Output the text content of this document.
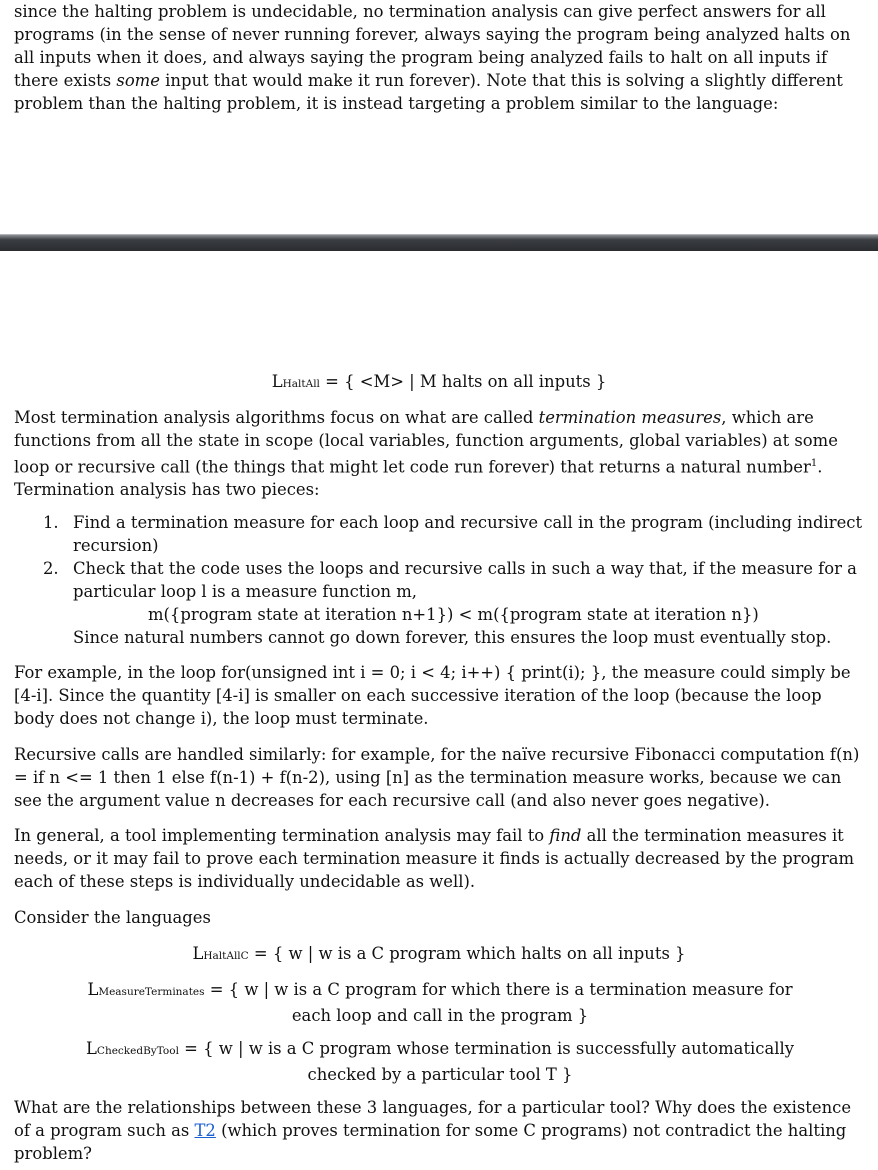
since the halting problem is undecidable, no termination analysis can give perfect answers for all programs (in the sense of never running forever, always saying the program being analyzed halts on all inputs when it does, and always saying the program being analyzed fails to halt on all inputs if there exists some input that would make it run forever). Note that this is solving a slightly different problem than the halting problem, it is instead targeting a problem similar to the language:

LHaltAll = { <M> | M halts on all inputs }

Most termination analysis algorithms focus on what are called termination measures, which are functions from all the state in scope (local variables, function arguments, global variables) at some loop or recursive call (the things that might let code run forever) that returns a natural number$^1$. Termination analysis has two pieces:

1. Find a termination measure for each loop and recursive call in the program (including indirect recursion)
2. Check that the code uses the loops and recursive calls in such a way that, if the measure for a particular loop l is a measure function m,
m({program state at iteration n+1}) < m({program state at iteration n})
Since natural numbers cannot go down forever, this ensures the loop must eventually stop.

For example, in the loop for(unsigned int i = 0; i < 4; i++) { print(i); }, the measure could simply be [4-i]. Since the quantity [4-i] is smaller on each successive iteration of the loop (because the loop body does not change i), the loop must terminate.

Recursive calls are handled similarly: for example, for the naïve recursive Fibonacci computation f(n) = if n <= 1 then 1 else f(n-1) + f(n-2), using [n] as the termination measure works, because we can see the argument value n decreases for each recursive call (and also never goes negative).

In general, a tool implementing termination analysis may fail to find all the termination measures it needs, or it may fail to prove each termination measure it finds is actually decreased by the program each of these steps is individually undecidable as well).

Consider the languages

LHaltAllC = { w | w is a C program which halts on all inputs }

LMeasureTerminates = { w | w is a C program for which there is a termination measure for each loop and call in the program }

LCheckedByTool = { w | w is a C program whose termination is successfully automatically checked by a particular tool T }

What are the relationships between these 3 languages, for a particular tool? Why does the existence of a program such as T2 (which proves termination for some C programs) not contradict the halting problem?
